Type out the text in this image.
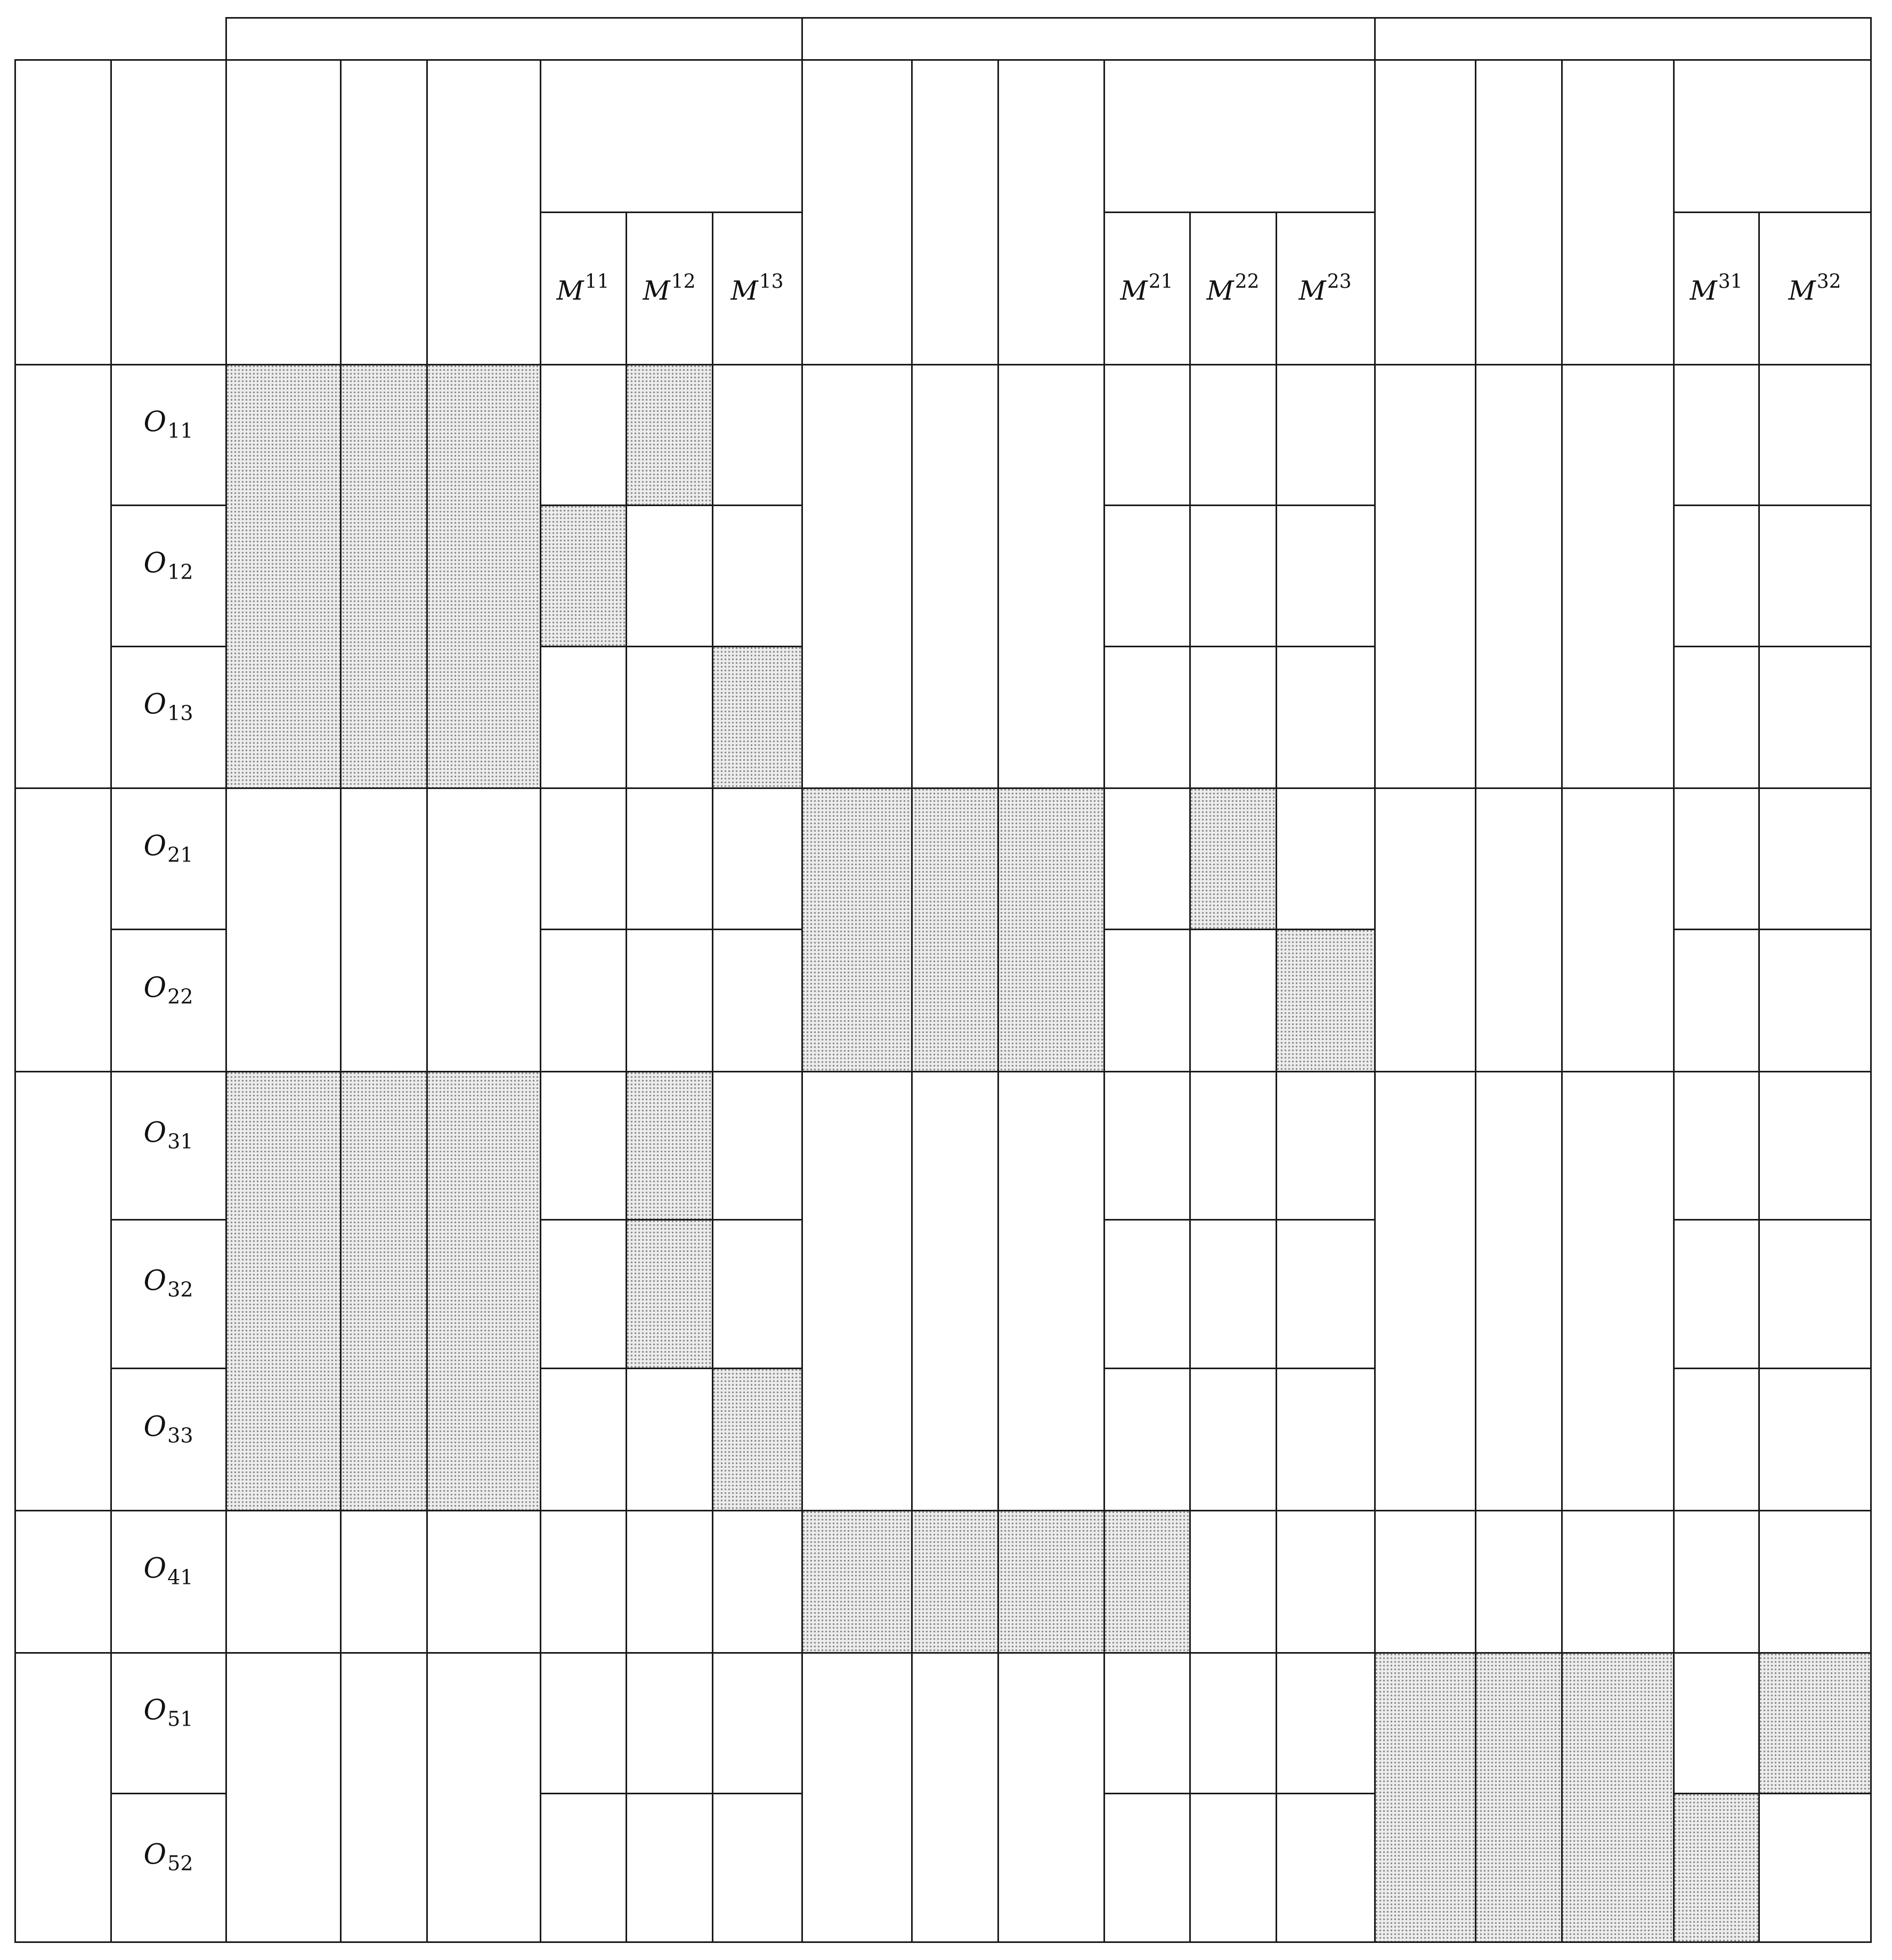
$M^{11}$ $M^{12}$ $M^{13}$	$M^{21}$ $M^{22}$ $M^{23}$	$M^{31}$ $M^{32}$
$O_{11}$
$O_{12}$
$O_{13}$
$O_{21}$
$O_{22}$
$O_{31}$
$O_{32}$
$O_{33}$
$O_{41}$
$O_{51}$
$O_{52}$
